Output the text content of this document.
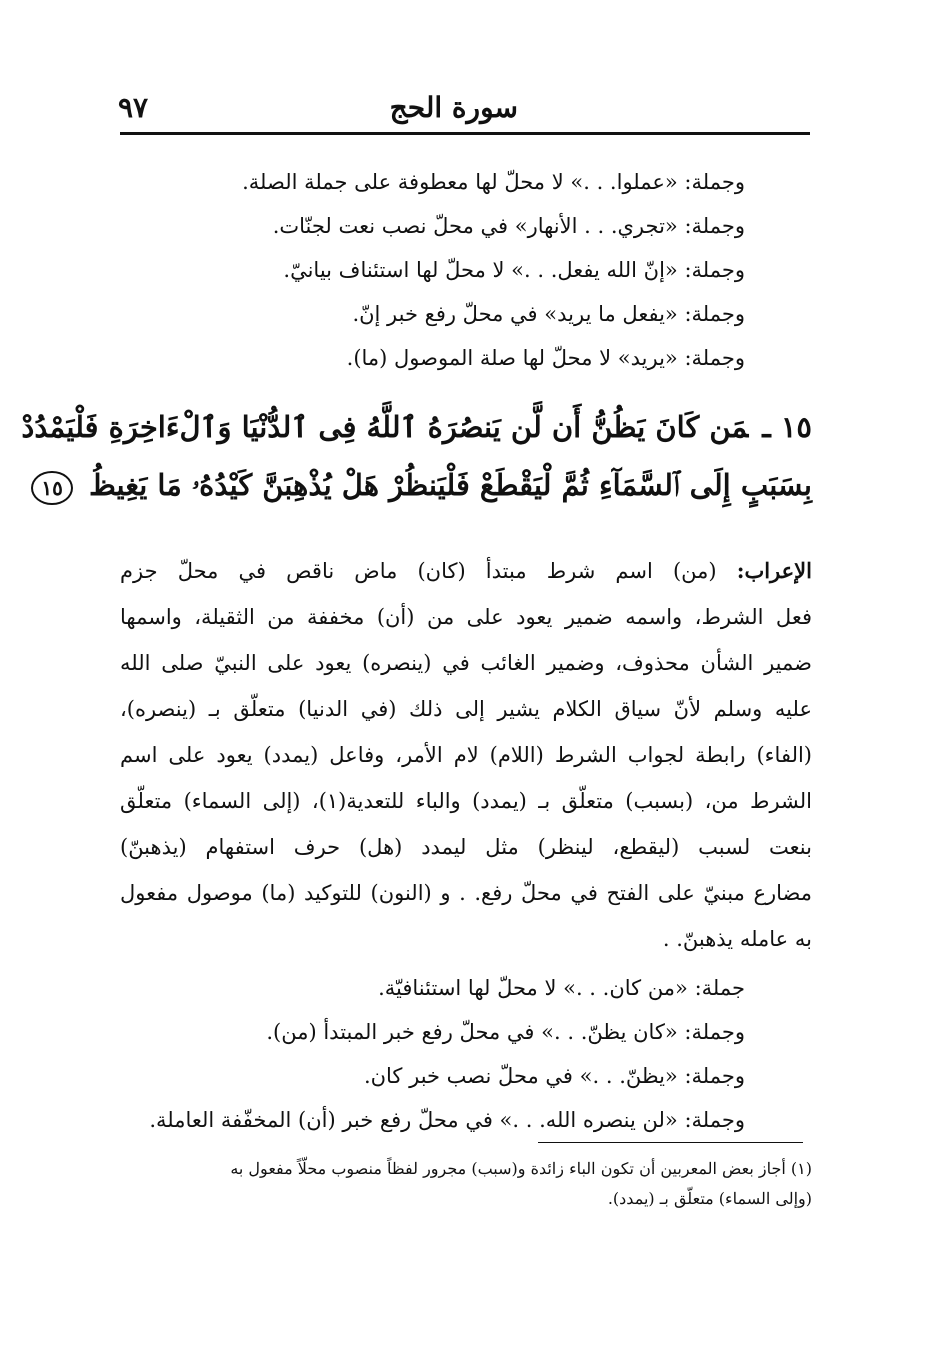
سورة الحج
٩٧
وجملة: «عملوا. . .» لا محلّ لها معطوفة على جملة الصلة.
وجملة: «تجري. . . الأنهار» في محلّ نصب نعت لجنّات.
وجملة: «إنّ الله يفعل. . .» لا محلّ لها استئناف بيانيّ.
وجملة: «يفعل ما يريد» في محلّ رفع خبر إنّ.
وجملة: «يريد» لا محلّ لها صلة الموصول (ما).
١٥ ـمَن كَانَ يَظُنُّ أَن لَّن يَنصُرَهُ ٱللَّهُ فِى ٱلدُّنْيَا وَٱلْءَاخِرَةِ فَلْيَمْدُدْ
بِسَبَبٍ إِلَى ٱلسَّمَآءِ ثُمَّ لْيَقْطَعْ فَلْيَنظُرْ هَلْ يُذْهِبَنَّ كَيْدُهُۥ مَا يَغِيظُ ١٥
الإعراب: (من) اسم شرط مبتدأ (كان) ماض ناقص في محلّ جزم
فعل الشرط، واسمه ضمير يعود على من (أن) مخففة من الثقيلة، واسمها
ضمير الشأن محذوف، وضمير الغائب في (ينصره) يعود على النبيّ صلى الله
عليه وسلم لأنّ سياق الكلام يشير إلى ذلك (في الدنيا) متعلّق بـ (ينصره)،
(الفاء) رابطة لجواب الشرط (اللام) لام الأمر، وفاعل (يمدد) يعود على اسم
الشرط من، (بسبب) متعلّق بـ (يمدد) والباء للتعدية(١)، (إلى السماء) متعلّق
بنعت لسبب (ليقطع، لينظر) مثل ليمدد (هل) حرف استفهام (يذهبنّ)
مضارع مبنيّ على الفتح في محلّ رفع. . و (النون) للتوكيد (ما) موصول مفعول
به عامله يذهبنّ. .
جملة: «من كان. . .» لا محلّ لها استئنافيّة.
وجملة: «كان يظنّ. . .» في محلّ رفع خبر المبتدأ (من).
وجملة: «يظنّ. . .» في محلّ نصب خبر كان.
وجملة: «لن ينصره الله. . .» في محلّ رفع خبر (أن) المخفّفة العاملة.
(١) أجاز بعض المعربين أن تكون الباء زائدة و(سبب) مجرور لفظاً منصوب محلّاً مفعول به
(وإلى السماء) متعلّق بـ (يمدد).
